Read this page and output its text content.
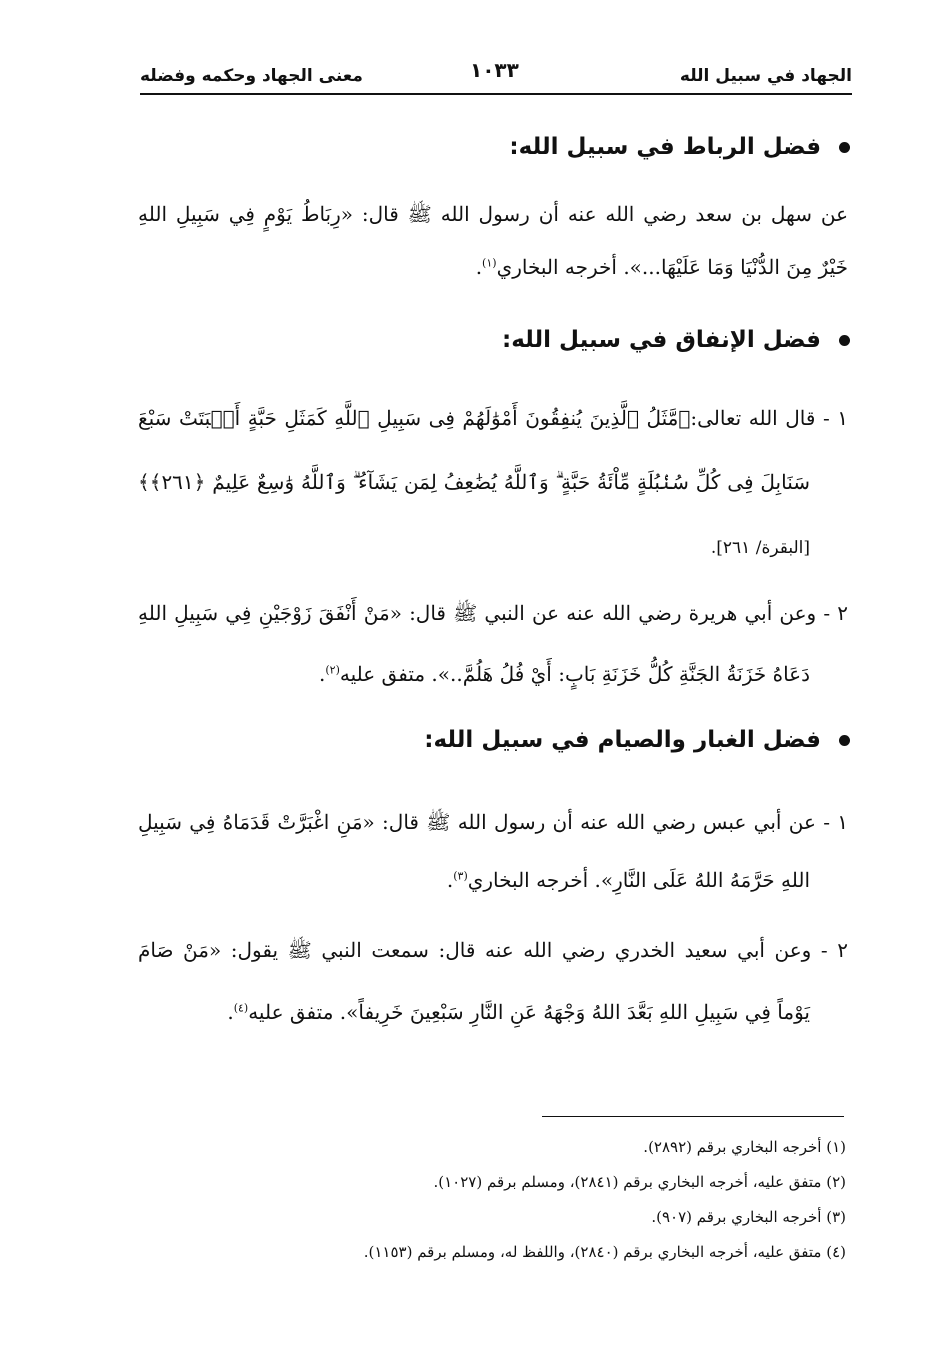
الجهاد في سبيل الله
١٠٣٣
معنى الجهاد وحكمه وفضله
فضل الرباط في سبيل الله:
عن سهل بن سعد رضي الله عنه أن رسول الله ﷺ قال: «رِبَاطُ يَوْمٍ فِي سَبِيلِ اللهِ
خَيْرٌ مِنَ الدُّنْيَا وَمَا عَلَيْهَا...». أخرجه البخاري$^{(١)}$.
فضل الإنفاق في سبيل الله:
١ - قال الله تعالى:﴿مَّثَلُ ٱلَّذِينَ يُنفِقُونَ أَمْوَٰلَهُمْ فِى سَبِيلِ ٱللَّهِ كَمَثَلِ حَبَّةٍ أَنۢبَتَتْ سَبْعَ
سَنَابِلَ فِى كُلِّ سُنۢبُلَةٍ مِّاْئَةُ حَبَّةٍ ۗ وَٱللَّهُ يُضَٰعِفُ لِمَن يَشَآءُ ۗ وَٱللَّهُ وَٰسِعٌ عَلِيمٌ ﴿٢٦١﴾﴾
[البقرة/ ٢٦١].
٢ - وعن أبي هريرة رضي الله عنه عن النبي ﷺ قال: «مَنْ أَنْفَقَ زَوْجَيْنِ فِي سَبِيلِ اللهِ
دَعَاهُ خَزَنَةُ الجَنَّةِ كُلُّ خَزَنَةِ بَابٍ: أَيْ فُلُ هَلُمَّ..». متفق عليه$^{(٢)}$.
فضل الغبار والصيام في سبيل الله:
١ - عن أبي عبس رضي الله عنه أن رسول الله ﷺ قال: «مَنِ اغْبَرَّتْ قَدَمَاهُ فِي سَبِيلِ
اللهِ حَرَّمَهُ اللهُ عَلَى النَّارِ». أخرجه البخاري$^{(٣)}$.
٢ - وعن أبي سعيد الخدري رضي الله عنه قال: سمعت النبي ﷺ يقول: «مَنْ صَامَ
يَوْماً فِي سَبِيلِ اللهِ بَعَّدَ اللهُ وَجْهَهُ عَنِ النَّارِ سَبْعِينَ خَرِيفاً». متفق عليه$^{(٤)}$.
(١) أخرجه البخاري برقم (٢٨٩٢).
(٢) متفق عليه، أخرجه البخاري برقم (٢٨٤١)، ومسلم برقم (١٠٢٧).
(٣) أخرجه البخاري برقم (٩٠٧).
(٤) متفق عليه، أخرجه البخاري برقم (٢٨٤٠)، واللفظ له، ومسلم برقم (١١٥٣).
